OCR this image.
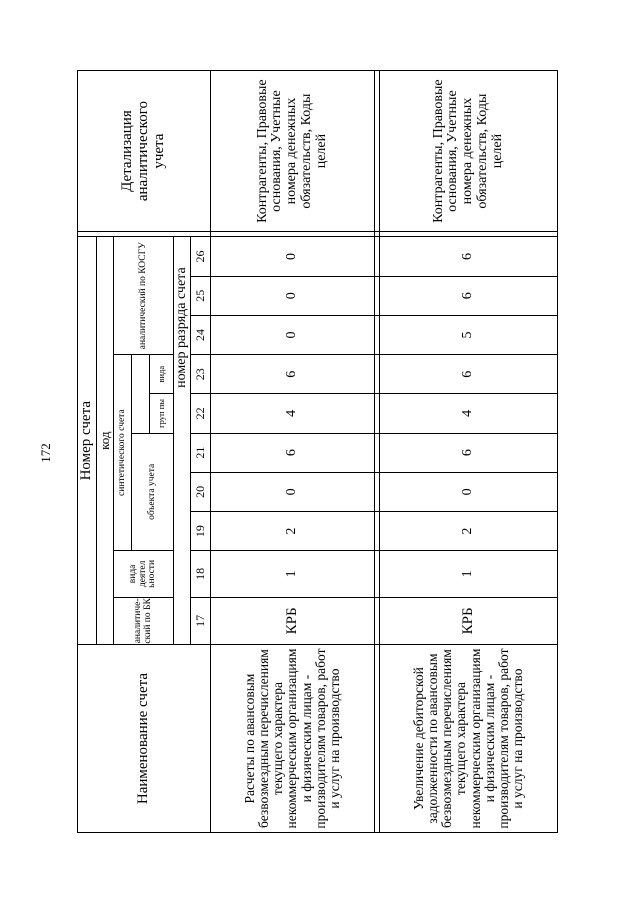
172
Наименование счета	Номер счета											Детализация аналитического учета
	код											
	аналитический по БК	вида деятел ьности	синтетического счета					аналитический по КОСГУ				
			объекта учета									
						груп пы	вида					
	номер разряда счета											
	17	18	19	20	21	22	23	24	25	26		
Расчеты по авансовым безвозмездным перечислениям текущего характера некоммерческим организациям и физическим лицам - производителям товаров, работ и услуг на производство	КРБ	1	2	0	6	4	6	0	0	0		Контрагенты, Правовые основания, Учетные номера денежных обязательств, Коды целей

Увеличение дебиторской задолженности по авансовым безвозмездным перечислениям текущего характера некоммерческим организациям и физическим лицам - производителям товаров, работ и услуг на производство	КРБ	1	2	0	6	4	6	5	6	6		Контрагенты, Правовые основания, Учетные номера денежных обязательств, Коды целей
